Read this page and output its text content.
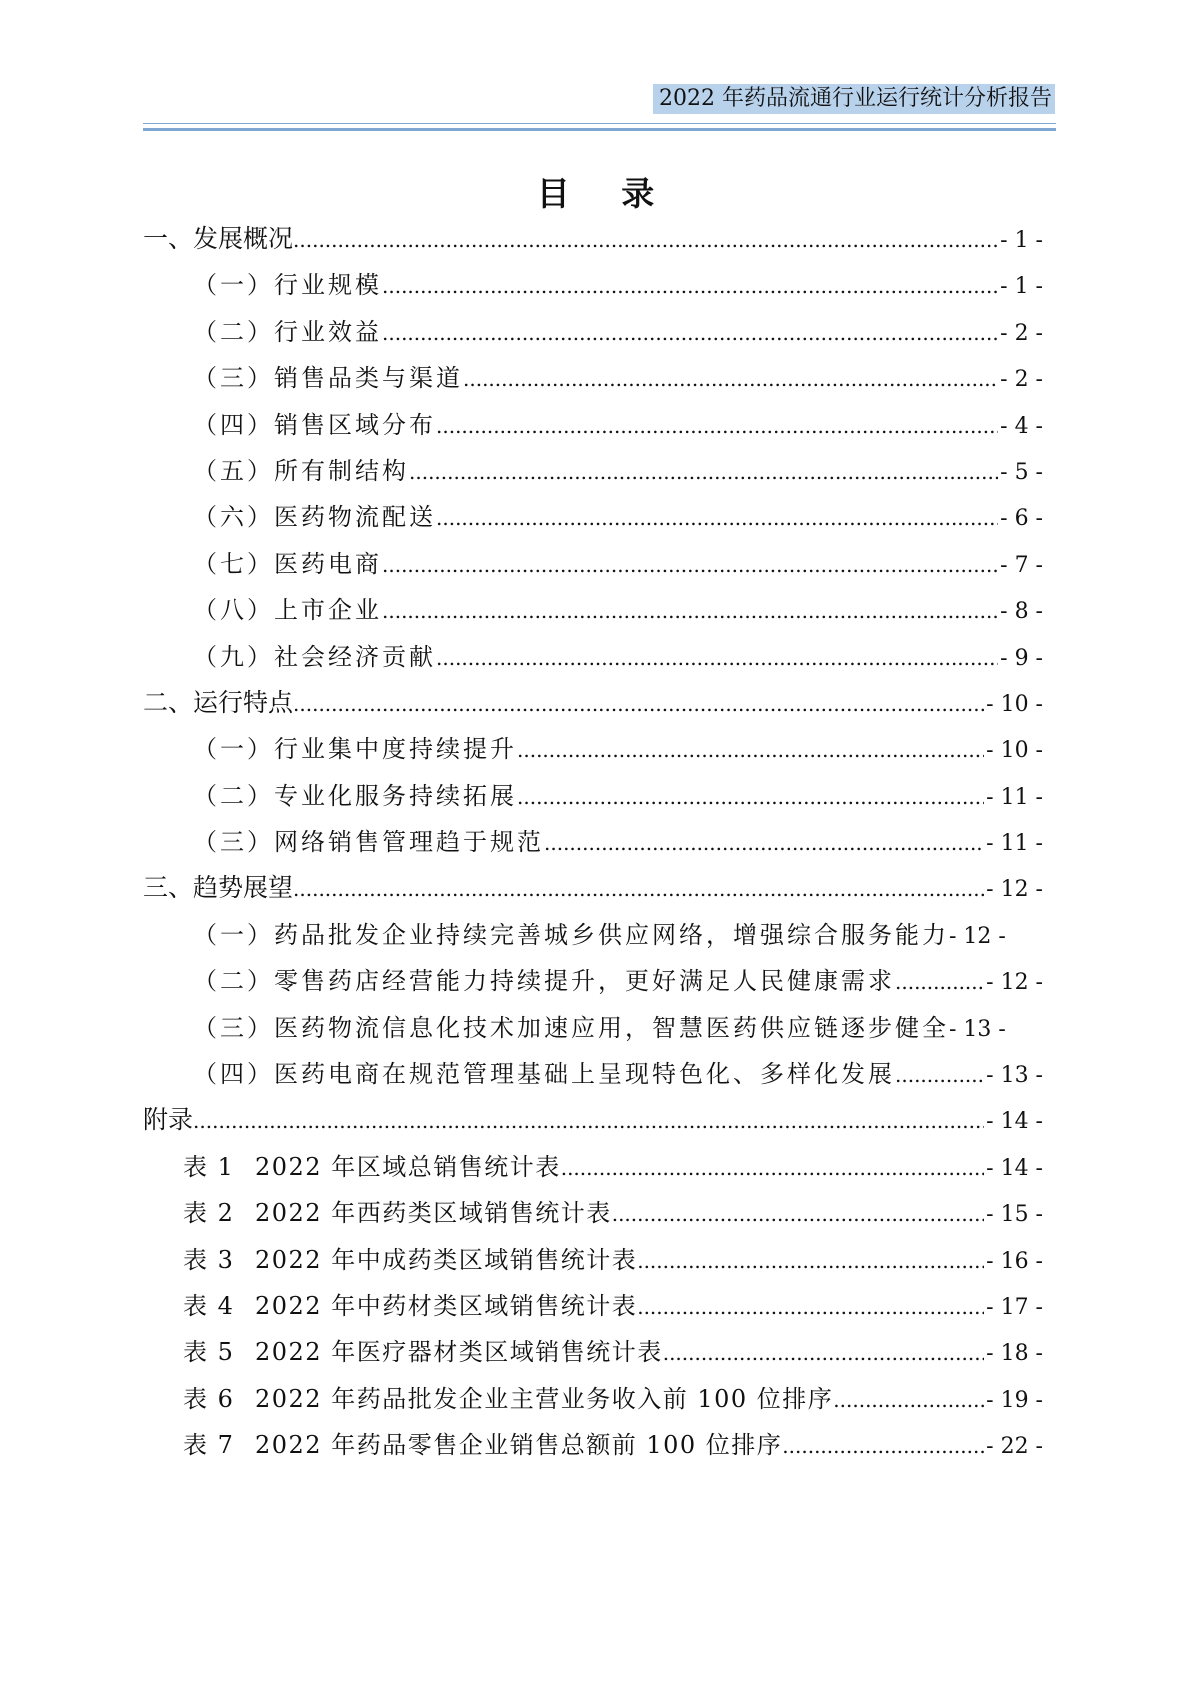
2022 年药品流通行业运行统计分析报告
目 录
一、发展概况 .....	- 1 -
（一）行业规模 .....	- 1 -
（二）行业效益 .....	- 2 -
（三）销售品类与渠道 .....	- 2 -
（四）销售区域分布 .....	- 4 -
（五）所有制结构 .....	- 5 -
（六）医药物流配送 .....	- 6 -
（七）医药电商 .....	- 7 -
（八）上市企业 .....	- 8 -
（九）社会经济贡献 .....	- 9 -
二、运行特点 .....	- 10 -
（一）行业集中度持续提升 .....	- 10 -
（二）专业化服务持续拓展 .....	- 11 -
（三）网络销售管理趋于规范 .....	- 11 -
三、趋势展望 .....	- 12 -
（一）药品批发企业持续完善城乡供应网络，增强综合服务能力 - 12 -
（二）零售药店经营能力持续提升，更好满足人民健康需求 .....	- 12 -
（三）医药物流信息化技术加速应用，智慧医药供应链逐步健全 - 13 -
（四）医药电商在规范管理基础上呈现特色化、多样化发展 .....	- 13 -
附录 .....	- 14 -
表 1 2022 年区域总销售统计表 .....	- 14 -
表 2 2022 年西药类区域销售统计表 .....	- 15 -
表 3 2022 年中成药类区域销售统计表 .....	- 16 -
表 4 2022 年中药材类区域销售统计表 .....	- 17 -
表 5 2022 年医疗器材类区域销售统计表 .....	- 18 -
表 6 2022 年药品批发企业主营业务收入前 100 位排序 .....	- 19 -
表 7 2022 年药品零售企业销售总额前 100 位排序 .....	- 22 -
